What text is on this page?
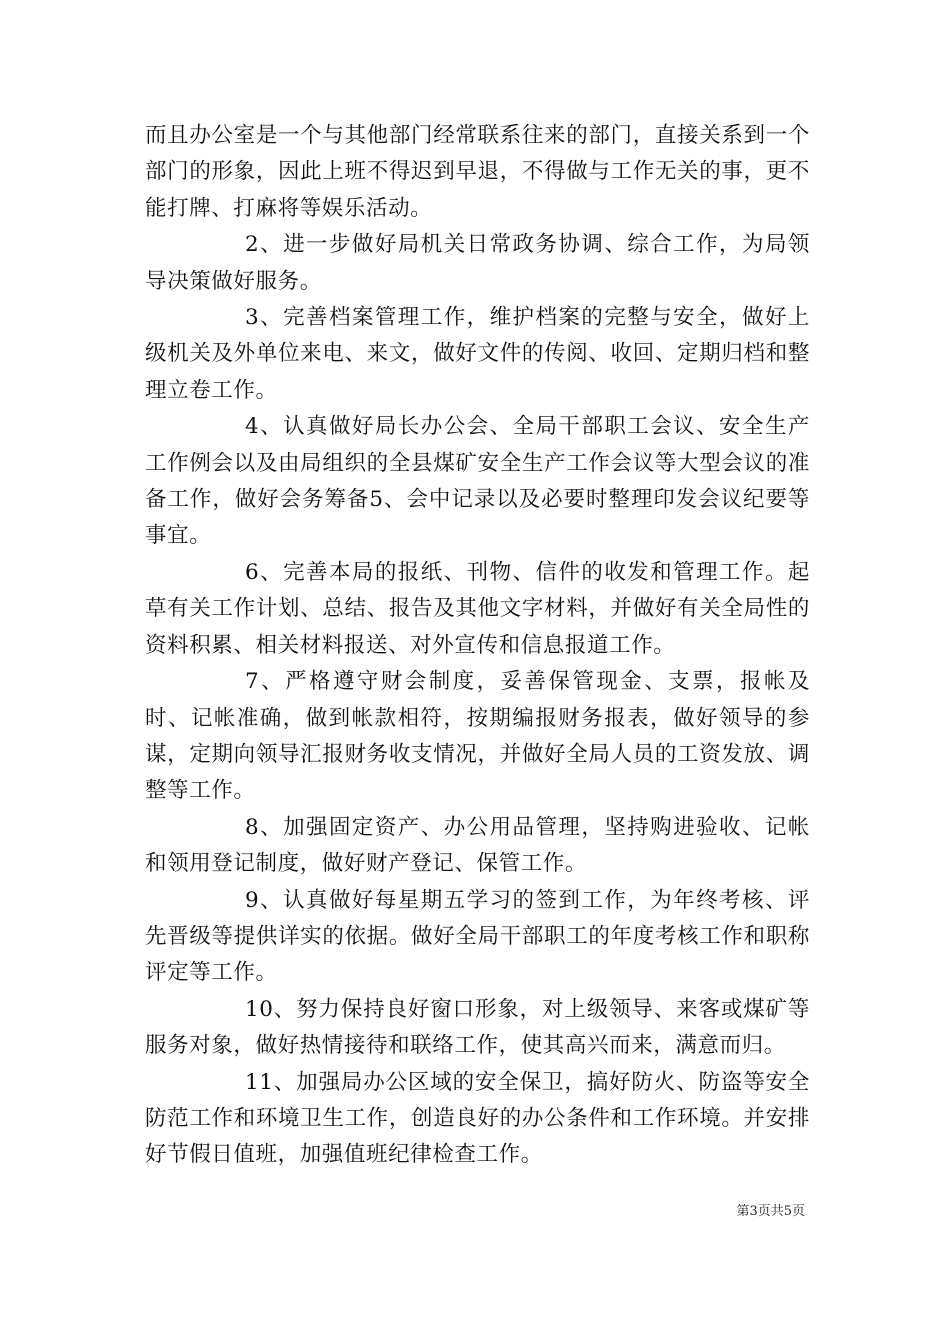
而且办公室是一个与其他部门经常联系往来的部门，直接关系到一个部门的形象，因此上班不得迟到早退，不得做与工作无关的事，更不能打牌、打麻将等娱乐活动。

2、进一步做好局机关日常政务协调、综合工作，为局领导决策做好服务。

3、完善档案管理工作，维护档案的完整与安全，做好上级机关及外单位来电、来文，做好文件的传阅、收回、定期归档和整理立卷工作。

4、认真做好局长办公会、全局干部职工会议、安全生产工作例会以及由局组织的全县煤矿安全生产工作会议等大型会议的准备工作，做好会务筹备5、会中记录以及必要时整理印发会议纪要等事宜。

6、完善本局的报纸、刊物、信件的收发和管理工作。起草有关工作计划、总结、报告及其他文字材料，并做好有关全局性的资料积累、相关材料报送、对外宣传和信息报道工作。

7、严格遵守财会制度，妥善保管现金、支票，报帐及时、记帐准确，做到帐款相符，按期编报财务报表，做好领导的参谋，定期向领导汇报财务收支情况，并做好全局人员的工资发放、调整等工作。

8、加强固定资产、办公用品管理，坚持购进验收、记帐和领用登记制度，做好财产登记、保管工作。

9、认真做好每星期五学习的签到工作，为年终考核、评先晋级等提供详实的依据。做好全局干部职工的年度考核工作和职称评定等工作。

10、努力保持良好窗口形象，对上级领导、来客或煤矿等服务对象，做好热情接待和联络工作，使其高兴而来，满意而归。

11、加强局办公区域的安全保卫，搞好防火、防盗等安全防范工作和环境卫生工作，创造良好的办公条件和工作环境。并安排好节假日值班，加强值班纪律检查工作。

第3页共5页
